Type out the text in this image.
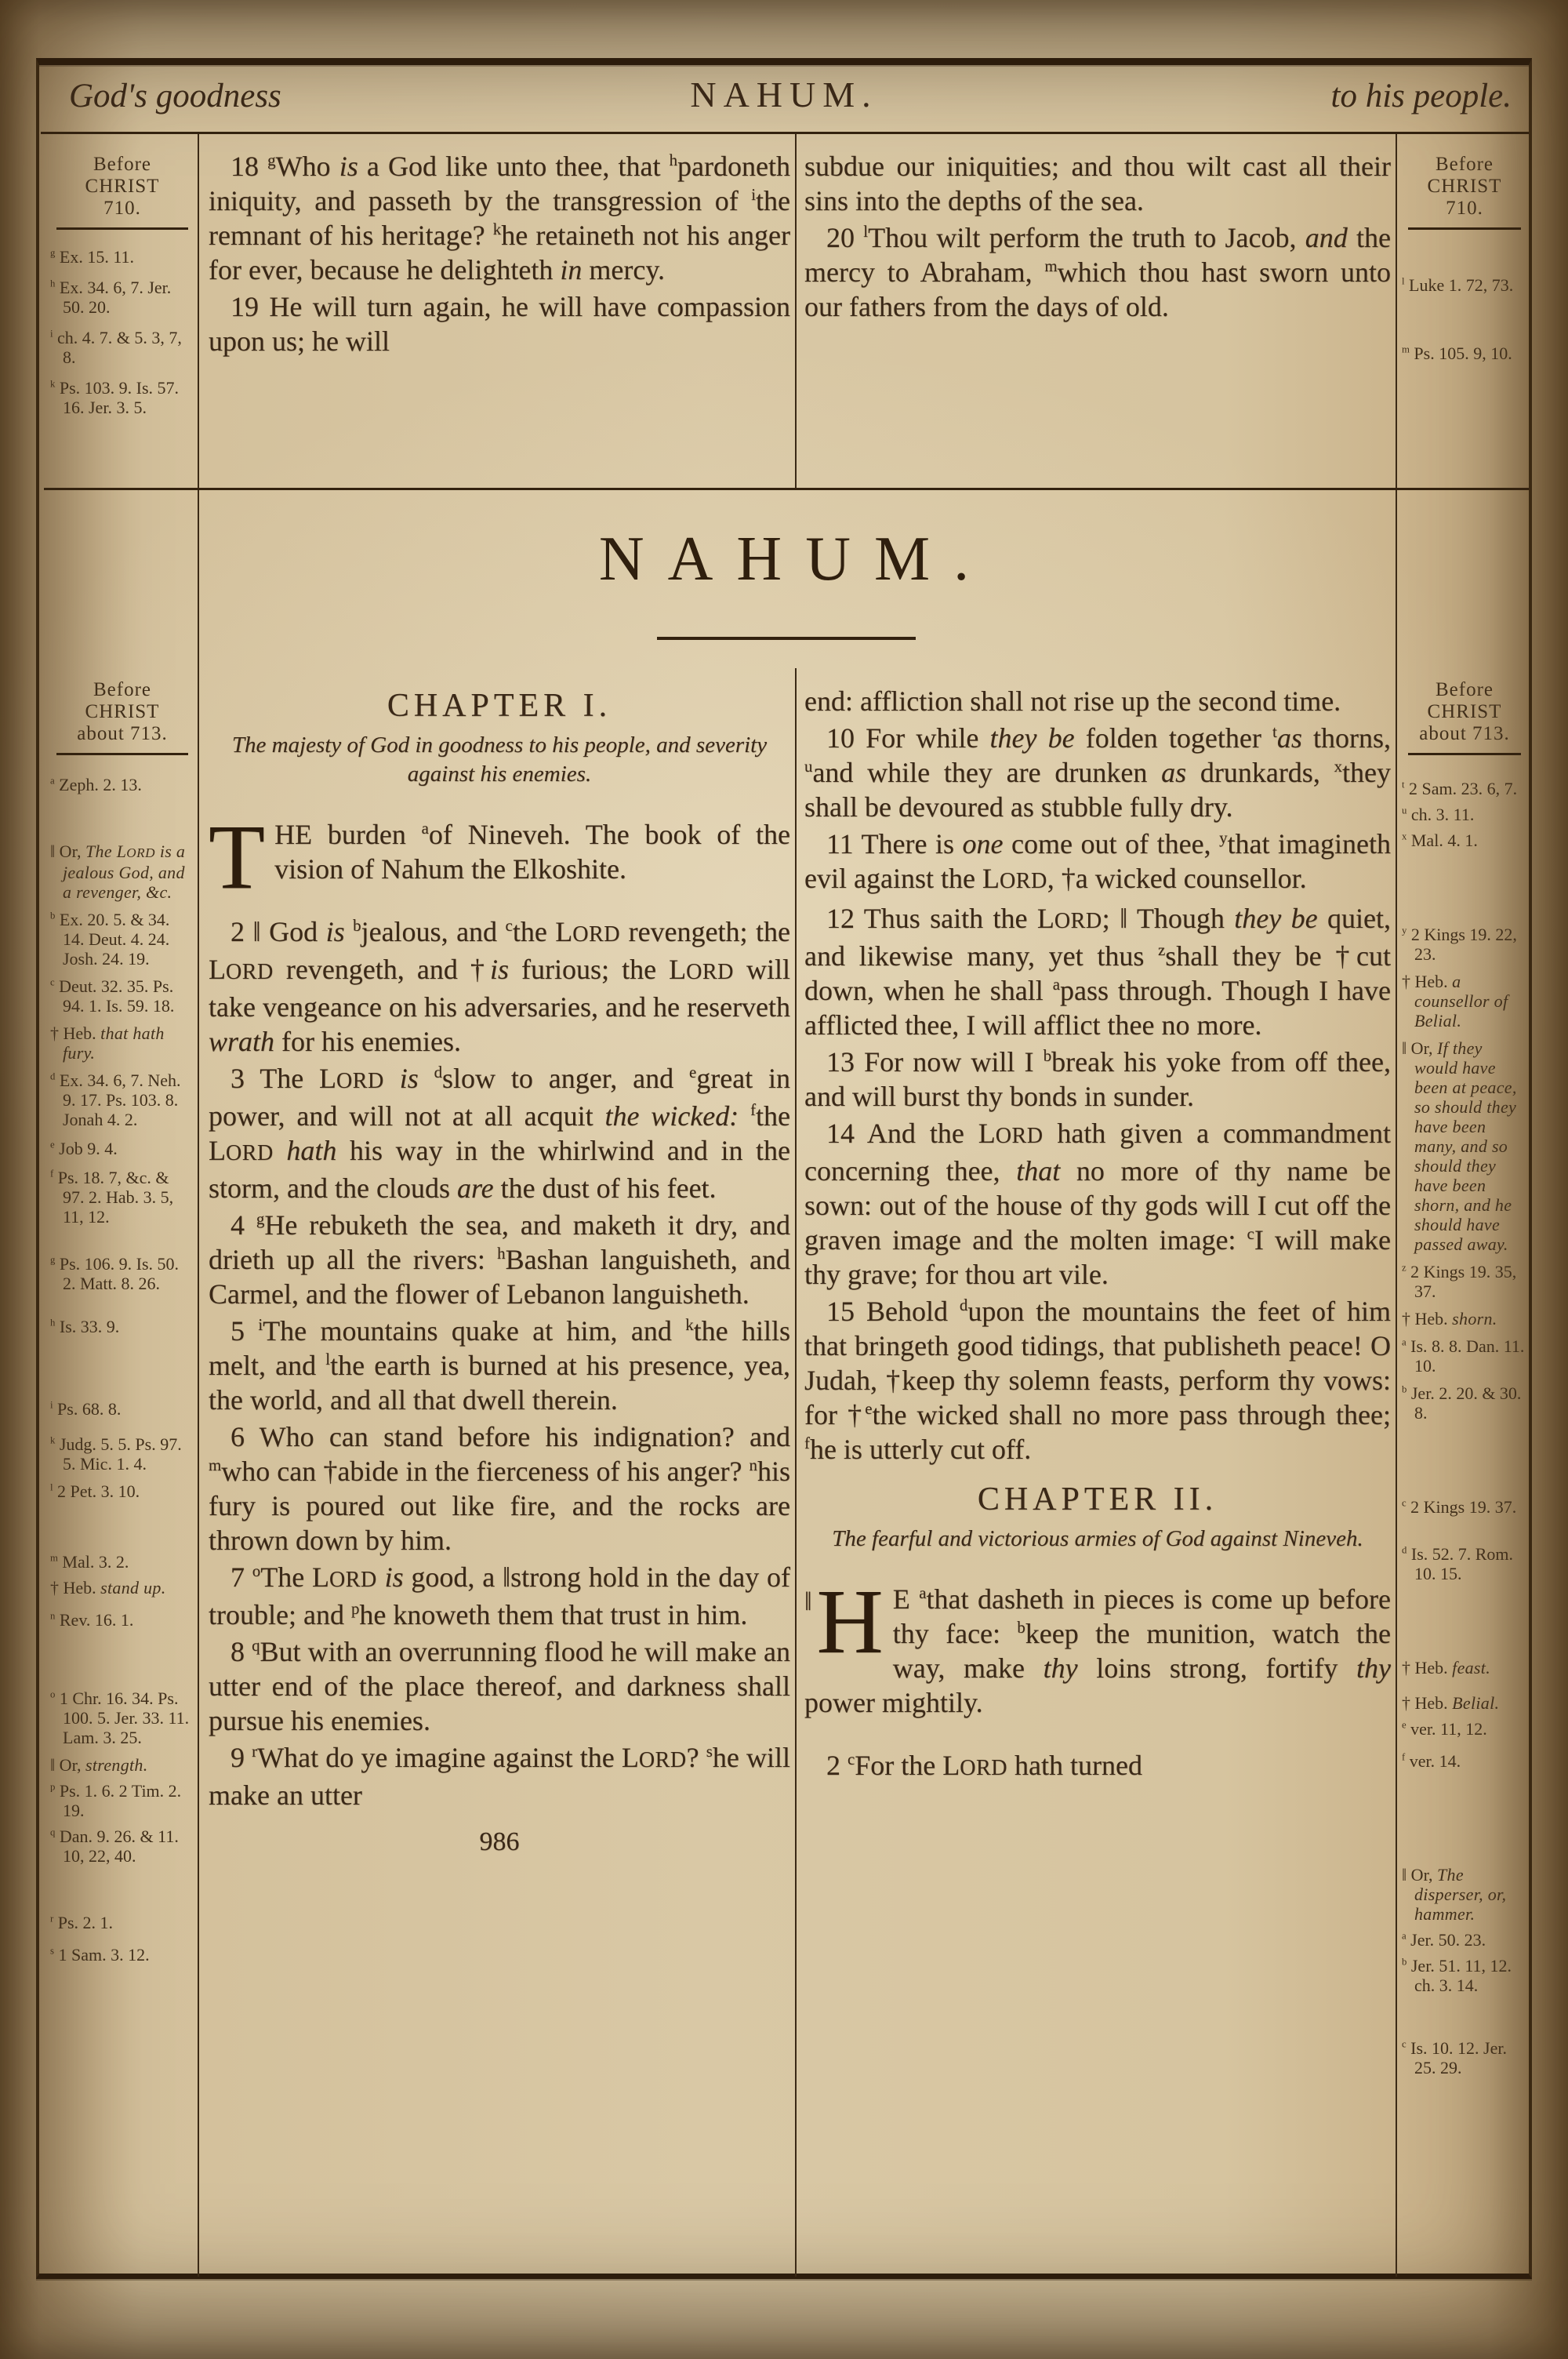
God's goodness	NAHUM.	to his people.
Before
CHRIST
710.
$^g$ Ex. 15. 11.
$^h$ Ex. 34. 6, 7. Jer. 50. 20.
$^i$ ch. 4. 7. & 5. 3, 7, 8.
$^k$ Ps. 103. 9. Is. 57. 16. Jer. 3. 5.

18 $^g$Who is a God like unto thee, that $^h$pardoneth iniquity, and passeth by the transgression of $^i$the remnant of his heritage? $^k$he retaineth not his anger for ever, because he delighteth in mercy.

19 He will turn again, he will have compassion upon us; he will

subdue our iniquities; and thou wilt cast all their sins into the depths of the sea.

20 $^l$Thou wilt perform the truth to Jacob, and the mercy to Abraham, $^m$which thou hast sworn unto our fathers from the days of old.

Before
CHRIST
710.
$^l$ Luke 1. 72, 73.
$^m$ Ps. 105. 9, 10.
NAHUM.
Before
CHRIST
about 713.
$^a$ Zeph. 2. 13.
‖ Or, The LORD is a jealous God, and a revenger, &c.
$^b$ Ex. 20. 5. & 34. 14. Deut. 4. 24. Josh. 24. 19.
$^c$ Deut. 32. 35. Ps. 94. 1. Is. 59. 18.
† Heb. that hath fury.
$^d$ Ex. 34. 6, 7. Neh. 9. 17. Ps. 103. 8. Jonah 4. 2.
$^e$ Job 9. 4.
$^f$ Ps. 18. 7, &c. & 97. 2. Hab. 3. 5, 11, 12.
$^g$ Ps. 106. 9. Is. 50. 2. Matt. 8. 26.
$^h$ Is. 33. 9.
$^i$ Ps. 68. 8.
$^k$ Judg. 5. 5. Ps. 97. 5. Mic. 1. 4.
$^l$ 2 Pet. 3. 10.
$^m$ Mal. 3. 2.
† Heb. stand up.
$^n$ Rev. 16. 1.
$^o$ 1 Chr. 16. 34. Ps. 100. 5. Jer. 33. 11. Lam. 3. 25.
‖ Or, strength.
$^p$ Ps. 1. 6. 2 Tim. 2. 19.
$^q$ Dan. 9. 26. & 11. 10, 22, 40.
$^r$ Ps. 2. 1.
$^s$ 1 Sam. 3. 12.

CHAPTER I.

The majesty of God in goodness to his people, and severity against his enemies.

THE burden $^a$of Nineveh. The book of the vision of Nahum the Elkoshite.

2 ‖ God is $^b$jealous, and $^c$the LORD revengeth; the LORD revengeth, and †is furious; the LORD will take vengeance on his adversaries, and he reserveth wrath for his enemies.

3 The LORD is $^d$slow to anger, and $^e$great in power, and will not at all acquit the wicked: $^f$the LORD hath his way in the whirlwind and in the storm, and the clouds are the dust of his feet.

4 $^g$He rebuketh the sea, and maketh it dry, and drieth up all the rivers: $^h$Bashan languisheth, and Carmel, and the flower of Lebanon languisheth.

5 $^i$The mountains quake at him, and $^k$the hills melt, and $^l$the earth is burned at his presence, yea, the world, and all that dwell therein.

6 Who can stand before his indignation? and $^m$who can †abide in the fierceness of his anger? $^n$his fury is poured out like fire, and the rocks are thrown down by him.

7 $^o$The LORD is good, a ‖strong hold in the day of trouble; and $^p$he knoweth them that trust in him.

8 $^q$But with an overrunning flood he will make an utter end of the place thereof, and darkness shall pursue his enemies.

9 $^r$What do ye imagine against the LORD? $^s$he will make an utter

986

end: affliction shall not rise up the second time.

10 For while they be folden together $^t$as thorns, $^u$and while they are drunken as drunkards, $^x$they shall be devoured as stubble fully dry.

11 There is one come out of thee, $^y$that imagineth evil against the LORD, †a wicked counsellor.

12 Thus saith the LORD; ‖ Though they be quiet, and likewise many, yet thus $^z$shall they be †cut down, when he shall $^a$pass through. Though I have afflicted thee, I will afflict thee no more.

13 For now will I $^b$break his yoke from off thee, and will burst thy bonds in sunder.

14 And the LORD hath given a commandment concerning thee, that no more of thy name be sown: out of the house of thy gods will I cut off the graven image and the molten image: $^c$I will make thy grave; for thou art vile.

15 Behold $^d$upon the mountains the feet of him that bringeth good tidings, that publisheth peace! O Judah, †keep thy solemn feasts, perform thy vows: for †$^e$the wicked shall no more pass through thee; $^f$he is utterly cut off.

CHAPTER II.

The fearful and victorious armies of God against Nineveh.

‖ H E $^a$that dasheth in pieces is come up before thy face: $^b$keep the munition, watch the way, make thy loins strong, fortify thy power mightily.

2 $^c$For the LORD hath turned

Before
CHRIST
about 713.
$^t$ 2 Sam. 23. 6, 7.
$^u$ ch. 3. 11.
$^x$ Mal. 4. 1.
$^y$ 2 Kings 19. 22, 23.
† Heb. a counsellor of Belial.
‖ Or, If they would have been at peace, so should they have been many, and so should they have been shorn, and he should have passed away.
$^z$ 2 Kings 19. 35, 37.
† Heb. shorn.
$^a$ Is. 8. 8. Dan. 11. 10.
$^b$ Jer. 2. 20. & 30. 8.
$^c$ 2 Kings 19. 37.
$^d$ Is. 52. 7. Rom. 10. 15.
† Heb. feast.
† Heb. Belial.
$^e$ ver. 11, 12.
$^f$ ver. 14.
‖ Or, The disperser, or, hammer.
$^a$ Jer. 50. 23.
$^b$ Jer. 51. 11, 12. ch. 3. 14.
$^c$ Is. 10. 12. Jer. 25. 29.
